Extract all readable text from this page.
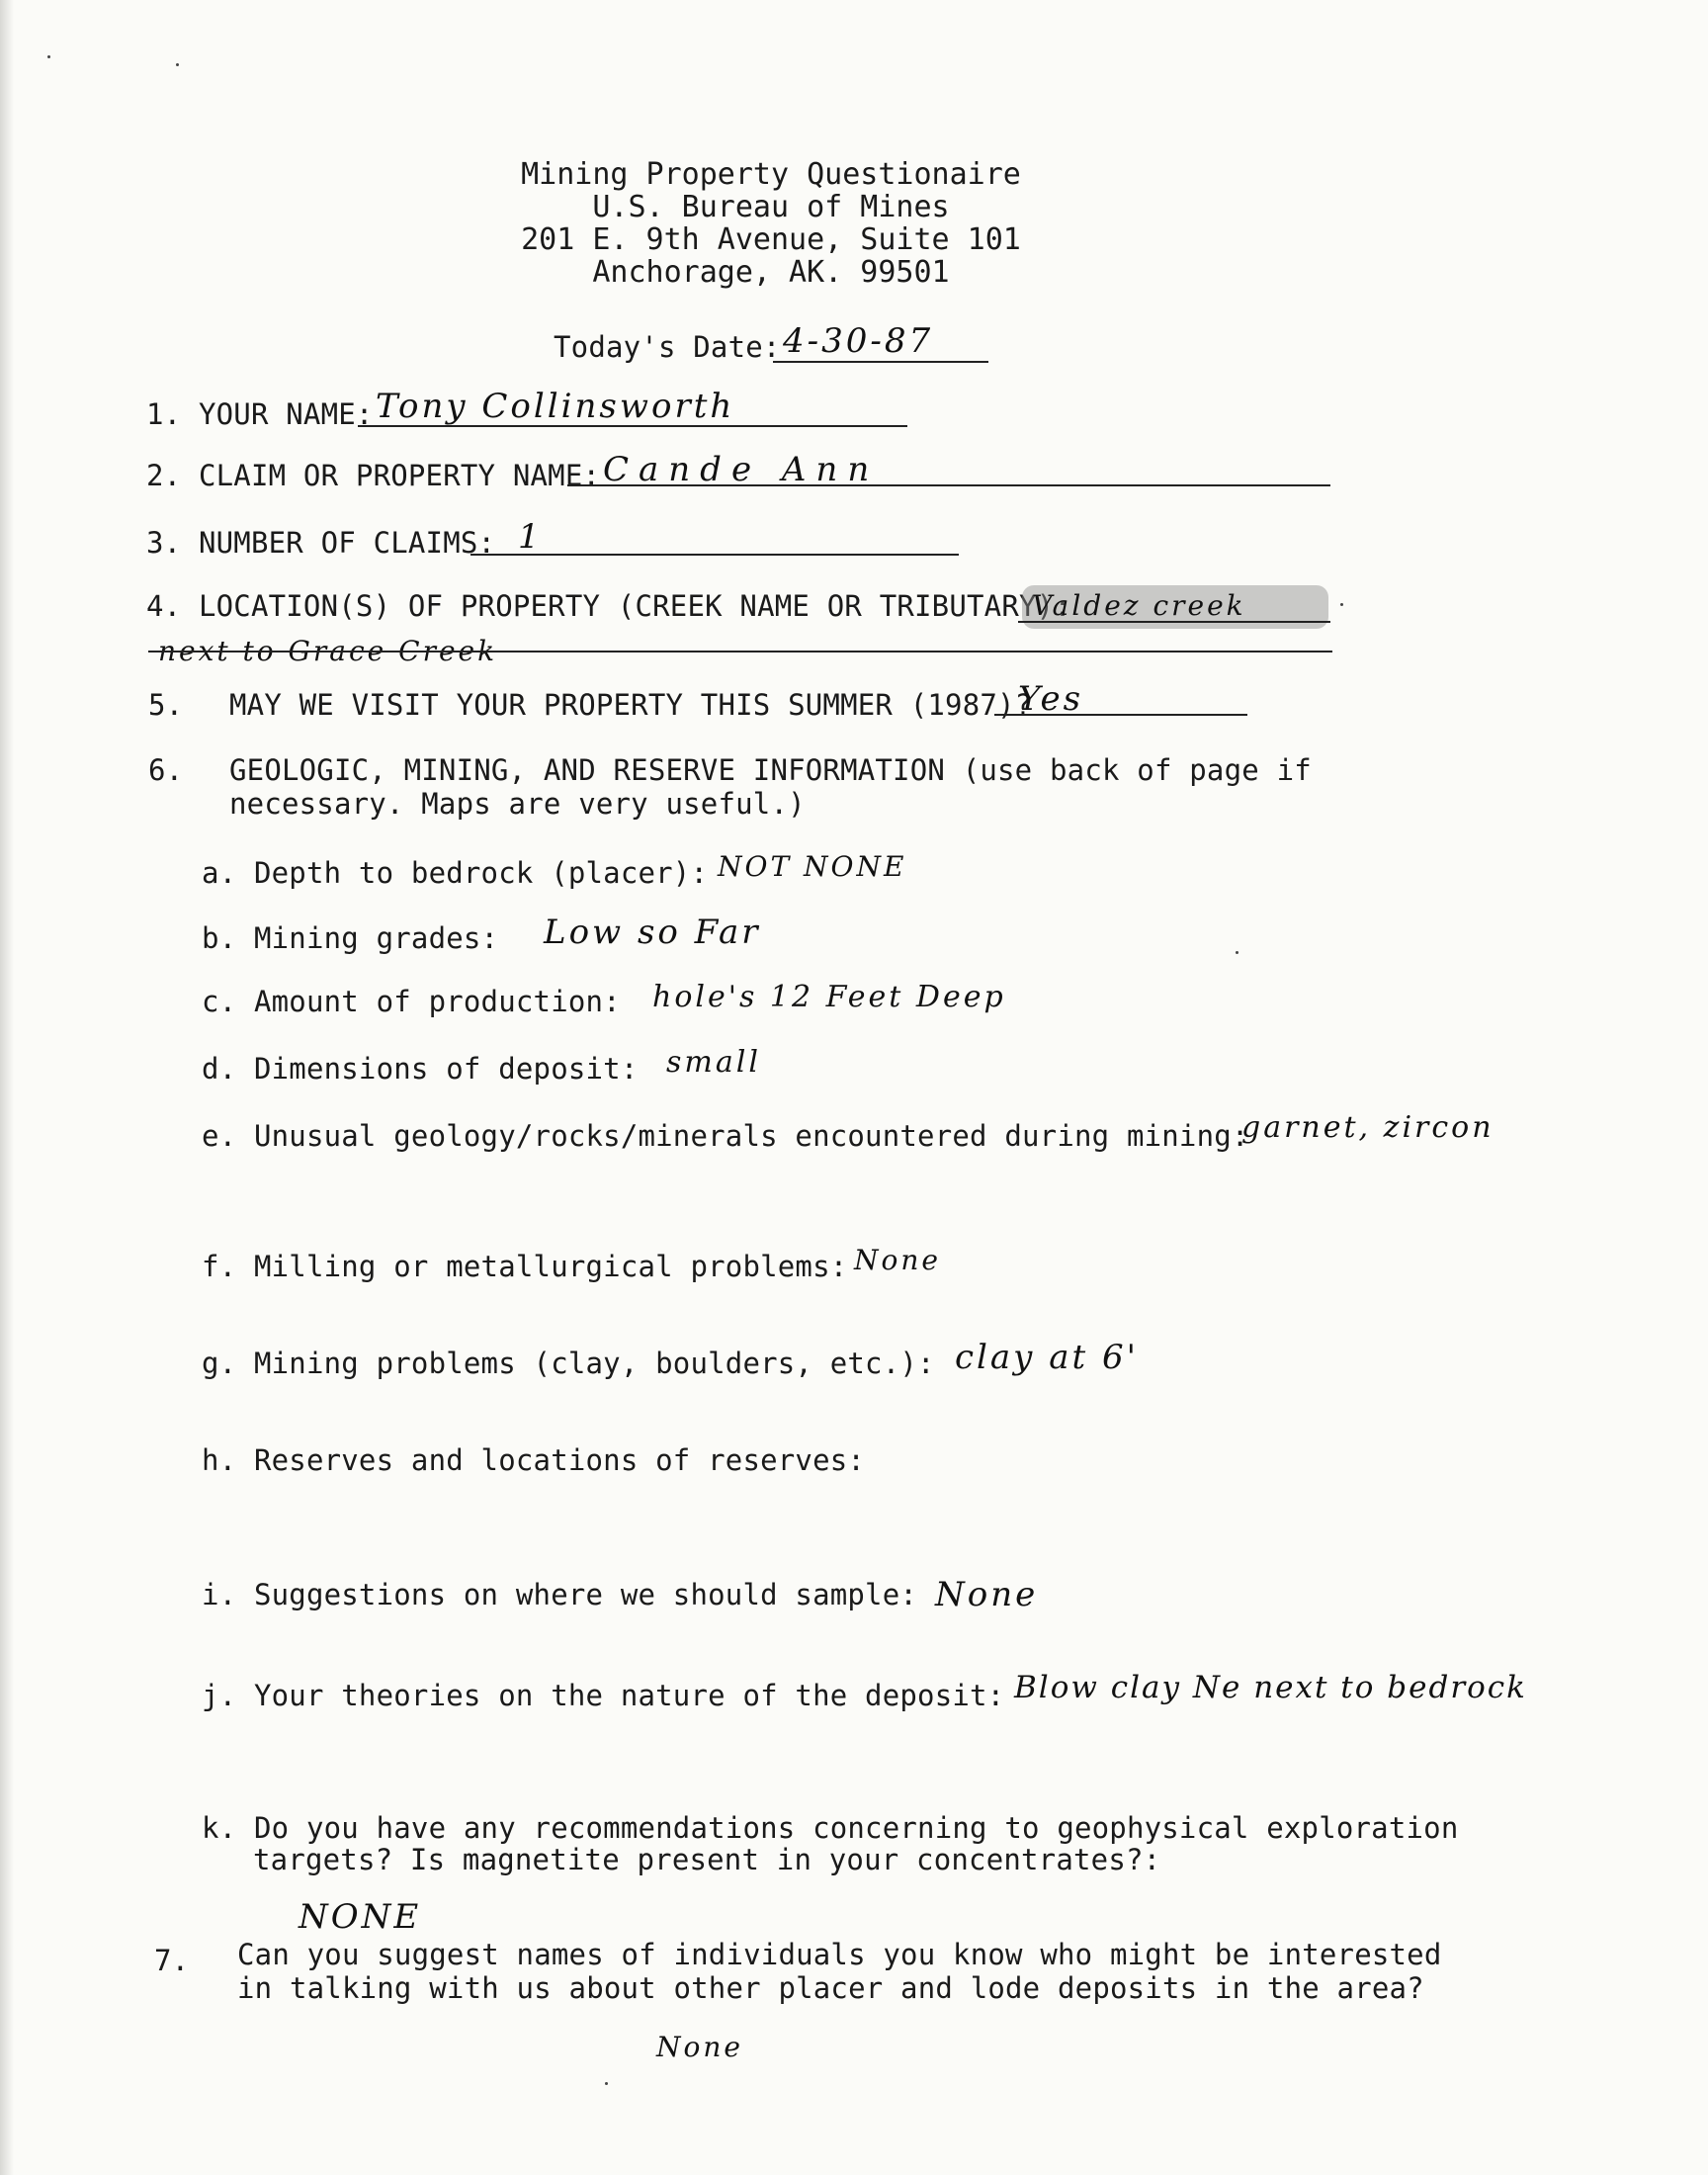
Mining Property Questionaire
U.S. Bureau of Mines
201 E. 9th Avenue, Suite 101
Anchorage, AK. 99501
Today's Date: 4-30-87
1. YOUR NAME: Tony Collinsworth
2. CLAIM OR PROPERTY NAME: Cande Ann
3. NUMBER OF CLAIMS: 1
4. LOCATION(S) OF PROPERTY (CREEK NAME OR TRIBUTARY):
Valdez creek
next to Grace Creek
5. MAY WE VISIT YOUR PROPERTY THIS SUMMER (1987)?
Yes
6. GEOLOGIC, MINING, AND RESERVE INFORMATION (use back of page if
necessary. Maps are very useful.)
a. Depth to bedrock (placer): NOT NONE
b. Mining grades: Low so Far
c. Amount of production: hole's 12 Feet Deep
d. Dimensions of deposit: small
e. Unusual geology/rocks/minerals encountered during mining:
garnet, zircon
f. Milling or metallurgical problems: None
g. Mining problems (clay, boulders, etc.): clay at 6'
h. Reserves and locations of reserves:
i. Suggestions on where we should sample: None
j. Your theories on the nature of the deposit: Blow clay Ne next to bedrock
k. Do you have any recommendations concerning to geophysical exploration
targets? Is magnetite present in your concentrates?:
NONE
7. Can you suggest names of individuals you know who might be interested
in talking with us about other placer and lode deposits in the area?
None
